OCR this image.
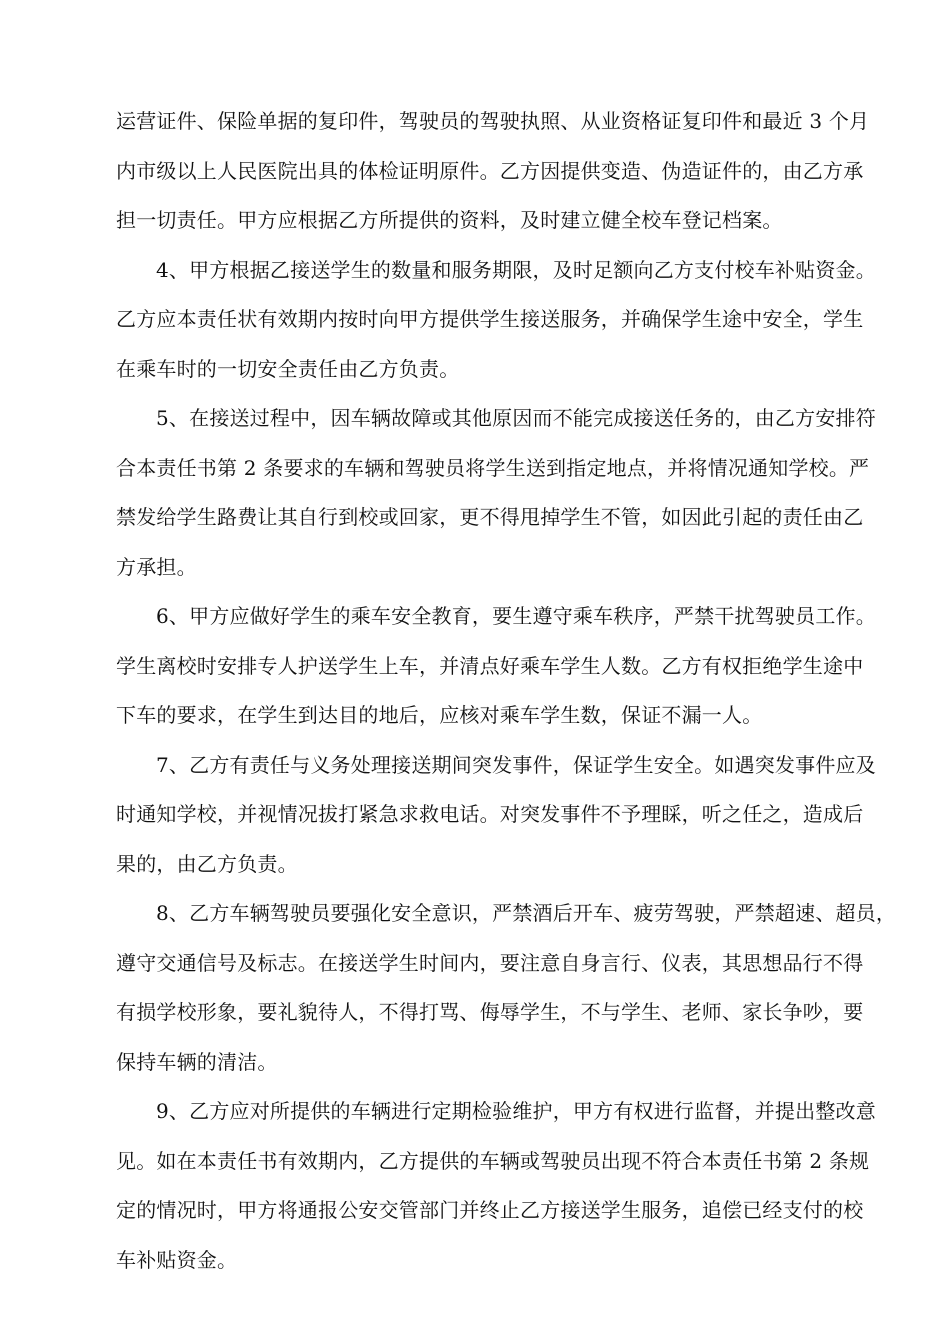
运营证件、保险单据的复印件，驾驶员的驾驶执照、从业资格证复印件和最近 3 个月
内市级以上人民医院出具的体检证明原件。乙方因提供变造、伪造证件的，由乙方承
担一切责任。甲方应根据乙方所提供的资料，及时建立健全校车登记档案。
4、甲方根据乙接送学生的数量和服务期限，及时足额向乙方支付校车补贴资金。
乙方应本责任状有效期内按时向甲方提供学生接送服务，并确保学生途中安全，学生
在乘车时的一切安全责任由乙方负责。
5、在接送过程中，因车辆故障或其他原因而不能完成接送任务的，由乙方安排符
合本责任书第 2 条要求的车辆和驾驶员将学生送到指定地点，并将情况通知学校。严
禁发给学生路费让其自行到校或回家，更不得甩掉学生不管，如因此引起的责任由乙
方承担。
6、甲方应做好学生的乘车安全教育，要生遵守乘车秩序，严禁干扰驾驶员工作。
学生离校时安排专人护送学生上车，并清点好乘车学生人数。乙方有权拒绝学生途中
下车的要求，在学生到达目的地后，应核对乘车学生数，保证不漏一人。
7、乙方有责任与义务处理接送期间突发事件，保证学生安全。如遇突发事件应及
时通知学校，并视情况拔打紧急求救电话。对突发事件不予理睬，听之任之，造成后
果的，由乙方负责。
8、乙方车辆驾驶员要强化安全意识，严禁酒后开车、疲劳驾驶，严禁超速、超员，
遵守交通信号及标志。在接送学生时间内，要注意自身言行、仪表，其思想品行不得
有损学校形象，要礼貌待人，不得打骂、侮辱学生，不与学生、老师、家长争吵，要
保持车辆的清洁。
9、乙方应对所提供的车辆进行定期检验维护，甲方有权进行监督，并提出整改意
见。如在本责任书有效期内，乙方提供的车辆或驾驶员出现不符合本责任书第 2 条规
定的情况时，甲方将通报公安交管部门并终止乙方接送学生服务，追偿已经支付的校
车补贴资金。
